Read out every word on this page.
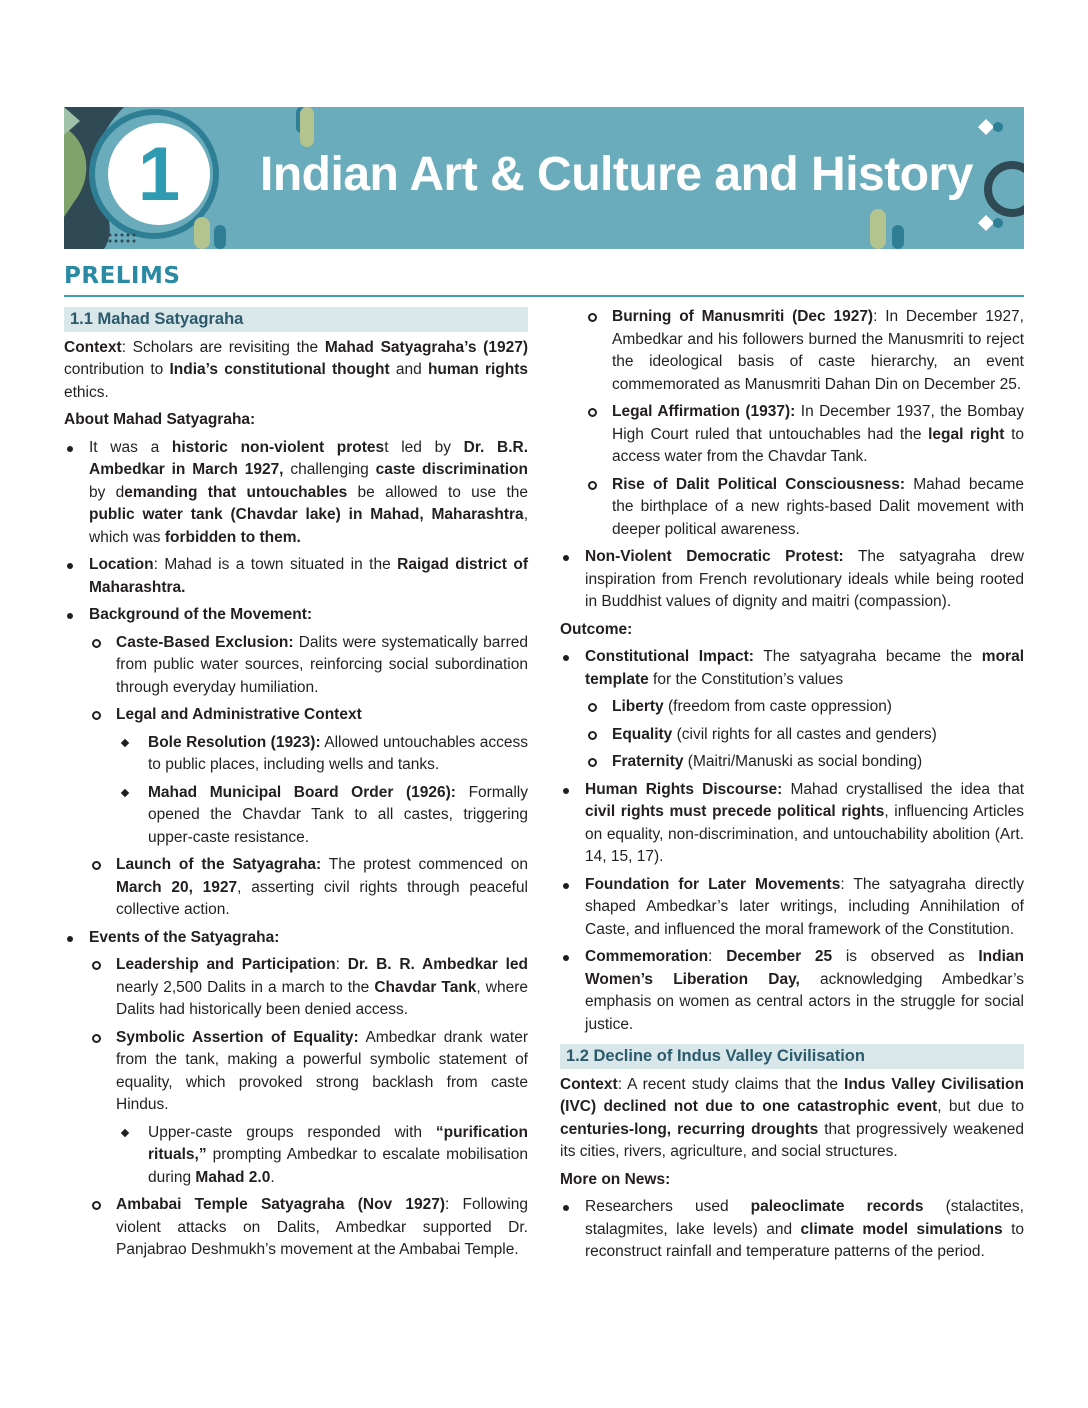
1	Indian Art & Culture and History
PRELIMS
1.1 Mahad Satyagraha

Context: Scholars are revisiting the Mahad Satyagraha’s (1927) contribution to India’s constitutional thought and human rights ethics.

About Mahad Satyagraha:
It was a historic non-violent protest led by Dr. B.R. Ambedkar in March 1927, challenging caste discrimination by demanding that untouchables be allowed to use the public water tank (Chavdar lake) in Mahad, Maharashtra, which was forbidden to them.
Location: Mahad is a town situated in the Raigad district of Maharashtra.
Background of the Movement:
Caste-Based Exclusion: Dalits were systematically barred from public water sources, reinforcing social subordination through everyday humiliation.
Legal and Administrative Context
Bole Resolution (1923): Allowed untouchables access to public places, including wells and tanks.
Mahad Municipal Board Order (1926): Formally opened the Chavdar Tank to all castes, triggering upper-caste resistance.
Launch of the Satyagraha: The protest commenced on March 20, 1927, asserting civil rights through peaceful collective action.
Events of the Satyagraha:
Leadership and Participation: Dr. B. R. Ambedkar led nearly 2,500 Dalits in a march to the Chavdar Tank, where Dalits had historically been denied access.
Symbolic Assertion of Equality: Ambedkar drank water from the tank, making a powerful symbolic statement of equality, which provoked strong backlash from caste Hindus.
Upper-caste groups responded with “purification rituals,” prompting Ambedkar to escalate mobilisation during Mahad 2.0.
Ambabai Temple Satyagraha (Nov 1927): Following violent attacks on Dalits, Ambedkar supported Dr. Panjabrao Deshmukh’s movement at the Ambabai Temple.
Burning of Manusmriti (Dec 1927): In December 1927, Ambedkar and his followers burned the Manusmriti to reject the ideological basis of caste hierarchy, an event commemorated as Manusmriti Dahan Din on December 25.
Legal Affirmation (1937): In December 1937, the Bombay High Court ruled that untouchables had the legal right to access water from the Chavdar Tank.
Rise of Dalit Political Consciousness: Mahad became the birthplace of a new rights-based Dalit movement with deeper political awareness.
Non-Violent Democratic Protest: The satyagraha drew inspiration from French revolutionary ideals while being rooted in Buddhist values of dignity and maitri (compassion).
Outcome:
Constitutional Impact: The satyagraha became the moral template for the Constitution’s values
Liberty (freedom from caste oppression)
Equality (civil rights for all castes and genders)
Fraternity (Maitri/Manuski as social bonding)
Human Rights Discourse: Mahad crystallised the idea that civil rights must precede political rights, influencing Articles on equality, non-discrimination, and untouchability abolition (Art. 14, 15, 17).
Foundation for Later Movements: The satyagraha directly shaped Ambedkar’s later writings, including Annihilation of Caste, and influenced the moral framework of the Constitution.
Commemoration: December 25 is observed as Indian Women’s Liberation Day, acknowledging Ambedkar’s emphasis on women as central actors in the struggle for social justice.
1.2 Decline of Indus Valley Civilisation

Context: A recent study claims that the Indus Valley Civilisation (IVC) declined not due to one catastrophic event, but due to centuries-long, recurring droughts that progressively weakened its cities, rivers, agriculture, and social structures.

More on News:
Researchers used paleoclimate records (stalactites, stalagmites, lake levels) and climate model simulations to reconstruct rainfall and temperature patterns of the period.
